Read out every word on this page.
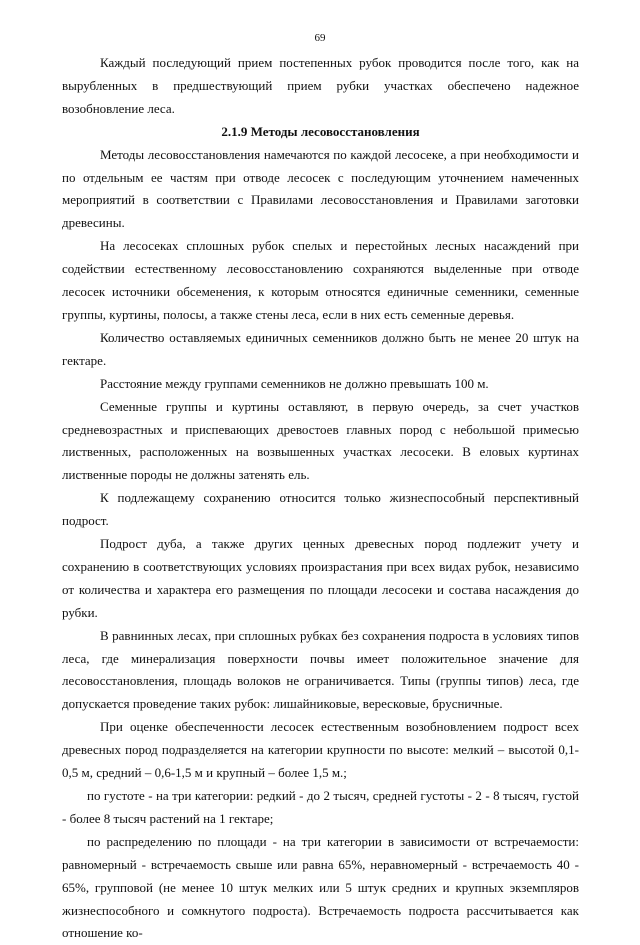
69

Каждый последующий прием постепенных рубок проводится после того, как на вырубленных в предшествующий прием рубки участках обеспечено надежное возобновление леса.

2.1.9 Методы лесовосстановления

Методы лесовосстановления намечаются по каждой лесосеке, а при необходимости и по отдельным ее частям при отводе лесосек с последующим уточнением намеченных мероприятий в соответствии с Правилами лесовосстановления и Правилами заготовки древесины.

На лесосеках сплошных рубок спелых и перестойных лесных насаждений при содействии естественному лесовосстановлению сохраняются выделенные при отводе лесосек источники обсеменения, к которым относятся единичные семенники, семенные группы, куртины, полосы, а также стены леса, если в них есть семенные деревья.

Количество оставляемых единичных семенников должно быть не менее 20 штук на гектаре.

Расстояние между группами семенников не должно превышать 100 м.

Семенные группы и куртины оставляют, в первую очередь, за счет участков средневозрастных и приспевающих древостоев главных пород с небольшой примесью лиственных, расположенных на возвышенных участках лесосеки. В еловых куртинах лиственные породы не должны затенять ель.

К подлежащему сохранению относится только жизнеспособный перспективный подрост.

Подрост дуба, а также других ценных древесных пород подлежит учету и сохранению в соответствующих условиях произрастания при всех видах рубок, независимо от количества и характера его размещения по площади лесосеки и состава насаждения до рубки.

В равнинных лесах, при сплошных рубках без сохранения подроста в условиях типов леса, где минерализация поверхности почвы имеет положительное значение для лесовосстановления, площадь волоков не ограничивается. Типы (группы типов) леса, где допускается проведение таких рубок: лишайниковые, вересковые, брусничные.

При оценке обеспеченности лесосек естественным возобновлением подрост всех древесных пород подразделяется на категории крупности по высоте: мелкий – высотой 0,1-0,5 м, средний – 0,6-1,5 м и крупный – более 1,5 м.;

по густоте - на три категории: редкий - до 2 тысяч, средней густоты - 2 - 8 тысяч, густой - более 8 тысяч растений на 1 гектаре;

по распределению по площади - на три категории в зависимости от встречаемости: равномерный - встречаемость свыше или равна 65%, неравномерный - встречаемость 40 - 65%, групповой (не менее 10 штук мелких или 5 штук средних и крупных экземпляров жизнеспособного и сомкнутого подроста). Встречаемость подроста рассчитывается как отношение ко-
